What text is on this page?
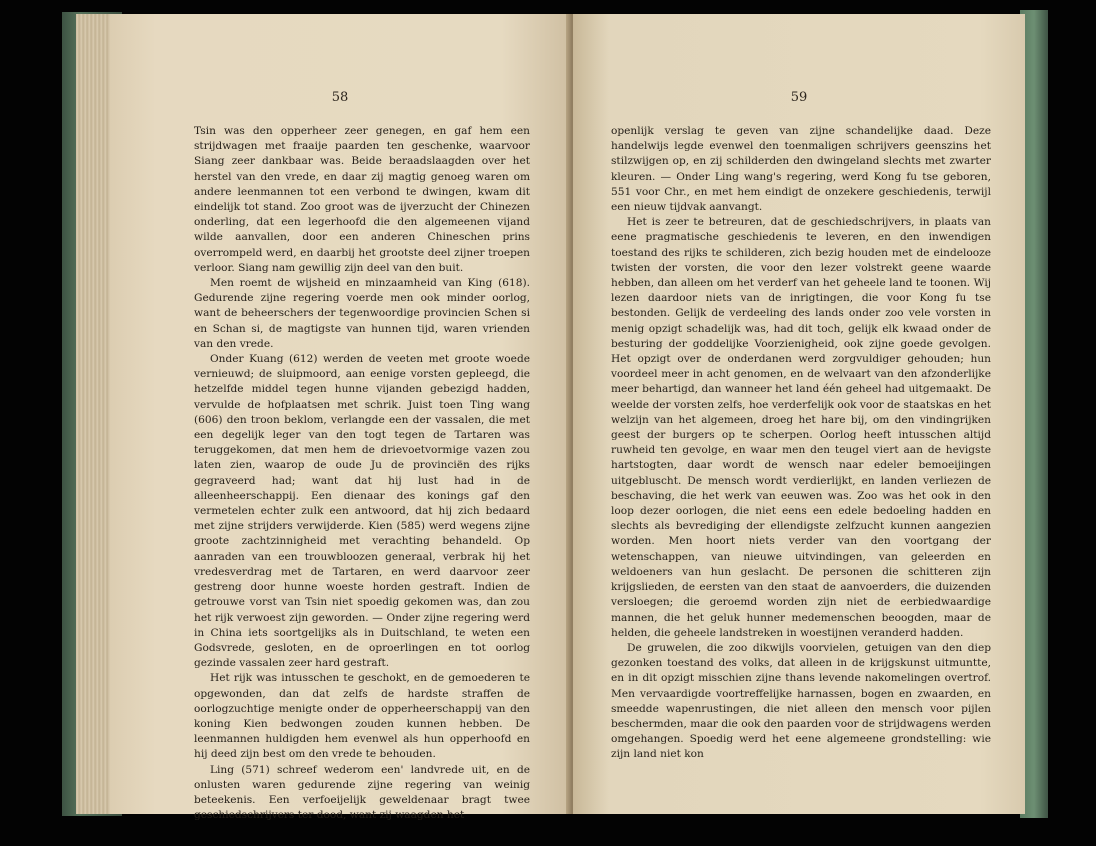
58

Tsin was den opperheer zeer genegen, en gaf hem een strijdwagen met fraaije paarden ten geschenke, waarvoor Siang zeer dankbaar was. Beide beraadslaagden over het herstel van den vrede, en daar zij magtig genoeg waren om andere leenmannen tot een verbond te dwingen, kwam dit eindelijk tot stand. Zoo groot was de ijverzucht der Chinezen onderling, dat een legerhoofd die den algemeenen vijand wilde aanvallen, door een anderen Chineschen prins overrompeld werd, en daarbij het grootste deel zijner troepen verloor. Siang nam gewillig zijn deel van den buit.

Men roemt de wijsheid en minzaamheid van King (618). Gedurende zijne regering voerde men ook minder oorlog, want de beheerschers der tegenwoordige provincien Schen si en Schan si, de magtigste van hunnen tijd, waren vrienden van den vrede.

Onder Kuang (612) werden de veeten met groote woede vernieuwd; de sluipmoord, aan eenige vorsten gepleegd, die hetzelfde middel tegen hunne vijanden gebezigd hadden, vervulde de hofplaatsen met schrik. Juist toen Ting wang (606) den troon beklom, verlangde een der vassalen, die met een degelijk leger van den togt tegen de Tartaren was teruggekomen, dat men hem de drievoetvormige vazen zou laten zien, waarop de oude Ju de provinciën des rijks gegraveerd had; want dat hij lust had in de alleenheerschappij. Een dienaar des konings gaf den vermetelen echter zulk een antwoord, dat hij zich bedaard met zijne strijders verwijderde. Kien (585) werd wegens zijne groote zachtzinnigheid met verachting behandeld. Op aanraden van een trouwbloozen generaal, verbrak hij het vredesverdrag met de Tartaren, en werd daarvoor zeer gestreng door hunne woeste horden gestraft. Indien de getrouwe vorst van Tsin niet spoedig gekomen was, dan zou het rijk verwoest zijn geworden. — Onder zijne regering werd in China iets soortgelijks als in Duitschland, te weten een Godsvrede, gesloten, en de oproerlingen en tot oorlog gezinde vassalen zeer hard gestraft.

Het rijk was intusschen te geschokt, en de gemoederen te opgewonden, dan dat zelfs de hardste straffen de oorlogzuchtige menigte onder de opperheerschappij van den koning Kien bedwongen zouden kunnen hebben. De leenmannen huldigden hem evenwel als hun opperhoofd en hij deed zijn best om den vrede te behouden.

Ling (571) schreef wederom een' landvrede uit, en de onlusten waren gedurende zijne regering van weinig beteekenis. Een verfoeijelijk geweldenaar bragt twee geschiedschrijvers ter dood, want zij waagden het

59

openlijk verslag te geven van zijne schandelijke daad. Deze handelwijs legde evenwel den toenmaligen schrijvers geenszins het stilzwijgen op, en zij schilderden den dwingeland slechts met zwarter kleuren. — Onder Ling wang's regering, werd Kong fu tse geboren, 551 voor Chr., en met hem eindigt de onzekere geschiedenis, terwijl een nieuw tijdvak aanvangt.

Het is zeer te betreuren, dat de geschiedschrijvers, in plaats van eene pragmatische geschiedenis te leveren, en den inwendigen toestand des rijks te schilderen, zich bezig houden met de eindelooze twisten der vorsten, die voor den lezer volstrekt geene waarde hebben, dan alleen om het verderf van het geheele land te toonen. Wij lezen daardoor niets van de inrigtingen, die voor Kong fu tse bestonden. Gelijk de verdeeling des lands onder zoo vele vorsten in menig opzigt schadelijk was, had dit toch, gelijk elk kwaad onder de besturing der goddelijke Voorzienigheid, ook zijne goede gevolgen. Het opzigt over de onderdanen werd zorgvuldiger gehouden; hun voordeel meer in acht genomen, en de welvaart van den afzonderlijke meer behartigd, dan wanneer het land één geheel had uitgemaakt. De weelde der vorsten zelfs, hoe verderfelijk ook voor de staatskas en het welzijn van het algemeen, droeg het hare bij, om den vindingrijken geest der burgers op te scherpen. Oorlog heeft intusschen altijd ruwheid ten gevolge, en waar men den teugel viert aan de hevigste hartstogten, daar wordt de wensch naar edeler bemoeijingen uitgebluscht. De mensch wordt verdierlijkt, en landen verliezen de beschaving, die het werk van eeuwen was. Zoo was het ook in den loop dezer oorlogen, die niet eens een edele bedoeling hadden en slechts als bevrediging der ellendigste zelfzucht kunnen aangezien worden. Men hoort niets verder van den voortgang der wetenschappen, van nieuwe uitvindingen, van geleerden en weldoeners van hun geslacht. De personen die schitteren zijn krijgslieden, de eersten van den staat de aanvoerders, die duizenden versloegen; die geroemd worden zijn niet de eerbiedwaardige mannen, die het geluk hunner medemenschen beoogden, maar de helden, die geheele landstreken in woestijnen veranderd hadden.

De gruwelen, die zoo dikwijls voorvielen, getuigen van den diep gezonken toestand des volks, dat alleen in de krijgskunst uitmuntte, en in dit opzigt misschien zijne thans levende nakomelingen overtrof. Men vervaardigde voortreffelijke harnassen, bogen en zwaarden, en smeedde wapenrustingen, die niet alleen den mensch voor pijlen beschermden, maar die ook den paarden voor de strijdwagens werden omgehangen. Spoedig werd het eene algemeene grondstelling: wie zijn land niet kon
